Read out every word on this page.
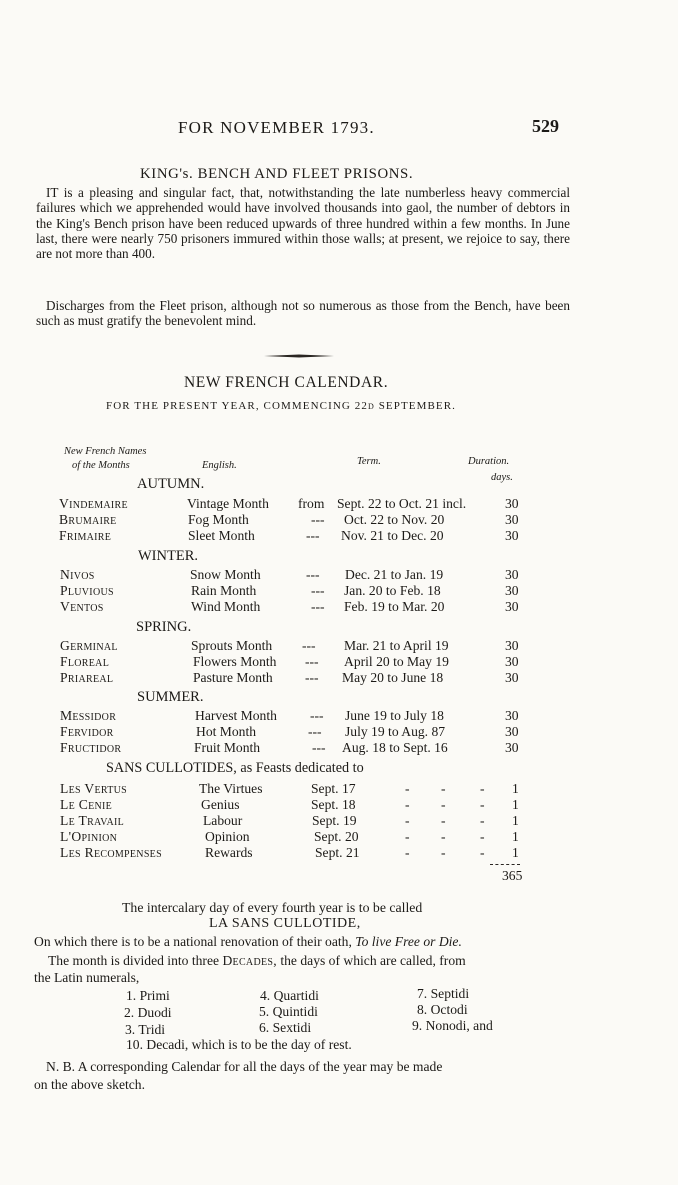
FOR NOVEMBER 1793.	529
KING's. BENCH AND FLEET PRISONS.
IT is a pleasing and singular fact, that, notwithstanding the late numberless heavy commercial failures which we apprehended would have involved thousands into gaol, the number of debtors in the King's Bench prison have been reduced upwards of three hundred within a few months. In June last, there were nearly 750 prisoners immured within those walls; at present, we rejoice to say, there are not more than 400.
Discharges from the Fleet prison, although not so numerous as those from the Bench, have been such as must gratify the benevolent mind.
NEW FRENCH CALENDAR.
FOR THE PRESENT YEAR, COMMENCING 22d SEPTEMBER.
New French Names
of the Months	English.	Term.	Duration.
days.
AUTUMN.
Vindemaire	Vintage Month from Sept. 22 to Oct. 21 incl.	30
Brumaire	Fog Month	--- Oct. 22 to Nov. 20	30
Frimaire	Sleet Month	--- Nov. 21 to Dec. 20	30
WINTER.
Nivos	Snow Month	--- Dec. 21 to Jan. 19	30
Pluvious	Rain Month	--- Jan. 20 to Feb. 18	30
Ventos	Wind Month	--- Feb. 19 to Mar. 20	30
SPRING.
Germinal	Sprouts Month --- Mar. 21 to April 19	30
Floreal	Flowers Month --- April 20 to May 19	30
Priareal	Pasture Month --- May 20 to June 18	30
SUMMER.
Messidor	Harvest Month --- June 19 to July 18	30
Fervidor	Hot Month	--- July 19 to Aug. 87	30
Fructidor	Fruit Month	--- Aug. 18 to Sept. 16	30
SANS CULLOTIDES, as Feasts dedicated to
Les Vertus	The Virtues	Sept. 17	- -	- 1
Le Cenie	Genius	Sept. 18	- -	- 1
Le Travail	Labour	Sept. 19	- -	- 1
L'Opinion	Opinion	Sept. 20	- -	- 1
Les Recompenses	Rewards	Sept. 21	- -	- 1
365
The intercalary day of every fourth year is to be called
LA SANS CULLOTIDE,
On which there is to be a national renovation of their oath, To live Free or Die.
The month is divided into three Decades, the days of which are called, from
the Latin numerals,
1. Primi	4. Quartidi	7. Septidi
2. Duodi	5. Quintidi	8. Octodi
3. Tridi	6. Sextidi	9. Nonodi, and
10. Decadi, which is to be the day of rest.
N. B. A corresponding Calendar for all the days of the year may be made
on the above sketch.
